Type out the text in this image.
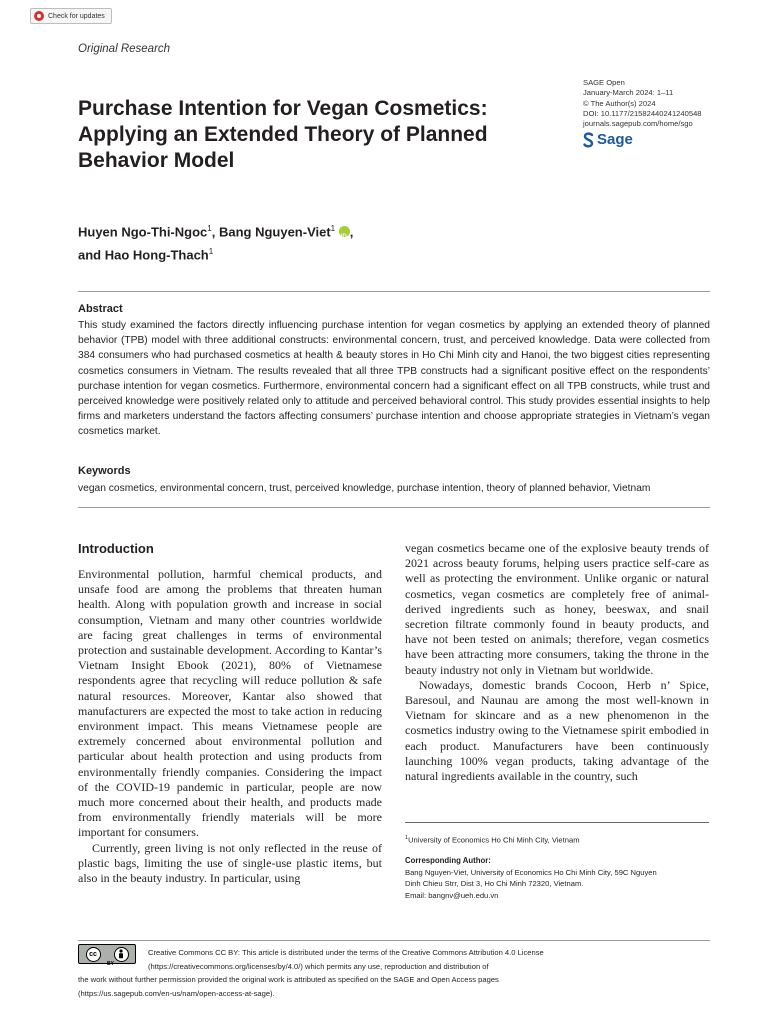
Check for updates
Original Research
SAGE Open
January-March 2024: 1–11
© The Author(s) 2024
DOI: 10.1177/21582440241240548
journals.sagepub.com/home/sgo
Sage
Purchase Intention for Vegan Cosmetics: Applying an Extended Theory of Planned Behavior Model
Huyen Ngo-Thi-Ngoc$^1$, Bang Nguyen-Viet$^1$ iD ,
and Hao Hong-Thach$^1$
Abstract
This study examined the factors directly influencing purchase intention for vegan cosmetics by applying an extended theory of planned behavior (TPB) model with three additional constructs: environmental concern, trust, and perceived knowledge. Data were collected from 384 consumers who had purchased cosmetics at health & beauty stores in Ho Chi Minh city and Hanoi, the two biggest cities representing cosmetics consumers in Vietnam. The results revealed that all three TPB constructs had a significant positive effect on the respondents’ purchase intention for vegan cosmetics. Furthermore, environmental concern had a significant effect on all TPB constructs, while trust and perceived knowledge were positively related only to attitude and perceived behavioral control. This study provides essential insights to help firms and marketers understand the factors affecting consumers’ purchase intention and choose appropriate strategies in Vietnam’s vegan cosmetics market.
Keywords
vegan cosmetics, environmental concern, trust, perceived knowledge, purchase intention, theory of planned behavior, Vietnam
Introduction

Environmental pollution, harmful chemical products, and unsafe food are among the problems that threaten human health. Along with population growth and increase in social consumption, Vietnam and many other countries worldwide are facing great challenges in terms of environmental protection and sustainable development. According to Kantar’s Vietnam Insight Ebook (2021), 80% of Vietnamese respondents agree that recycling will reduce pollution & safe natural resources. Moreover, Kantar also showed that manufacturers are expected the most to take action in reducing environment impact. This means Vietnamese people are extremely concerned about environmental pollution and particular about health protection and using products from environmentally friendly companies. Considering the impact of the COVID-19 pandemic in particular, people are now much more concerned about their health, and products made from environmentally friendly materials will be more important for consumers.

Currently, green living is not only reflected in the reuse of plastic bags, limiting the use of single-use plastic items, but also in the beauty industry. In particular, using

vegan cosmetics became one of the explosive beauty trends of 2021 across beauty forums, helping users practice self-care as well as protecting the environment. Unlike organic or natural cosmetics, vegan cosmetics are completely free of animal-derived ingredients such as honey, beeswax, and snail secretion filtrate commonly found in beauty products, and have not been tested on animals; therefore, vegan cosmetics have been attracting more consumers, taking the throne in the beauty industry not only in Vietnam but worldwide.

Nowadays, domestic brands Cocoon, Herb n’ Spice, Baresoul, and Naunau are among the most well-known in Vietnam for skincare and as a new phenomenon in the cosmetics industry owing to the Vietnamese spirit embodied in each product. Manufacturers have been continuously launching 100% vegan products, taking advantage of the natural ingredients available in the country, such

$^1$University of Economics Ho Chi Minh City, Vietnam
Corresponding Author:
Bang Nguyen-Viet, University of Economics Ho Chi Minh City, 59C Nguyen
Dinh Chieu Strr, Dist 3, Ho Chi Minh 72320, Vietnam.
Email: bangnv@ueh.edu.vn
cc
BY
Creative Commons CC BY: This article is distributed under the terms of the Creative Commons Attribution 4.0 License
(https://creativecommons.org/licenses/by/4.0/) which permits any use, reproduction and distribution of
the work without further permission provided the original work is attributed as specified on the SAGE and Open Access pages
(https://us.sagepub.com/en-us/nam/open-access-at-sage).
